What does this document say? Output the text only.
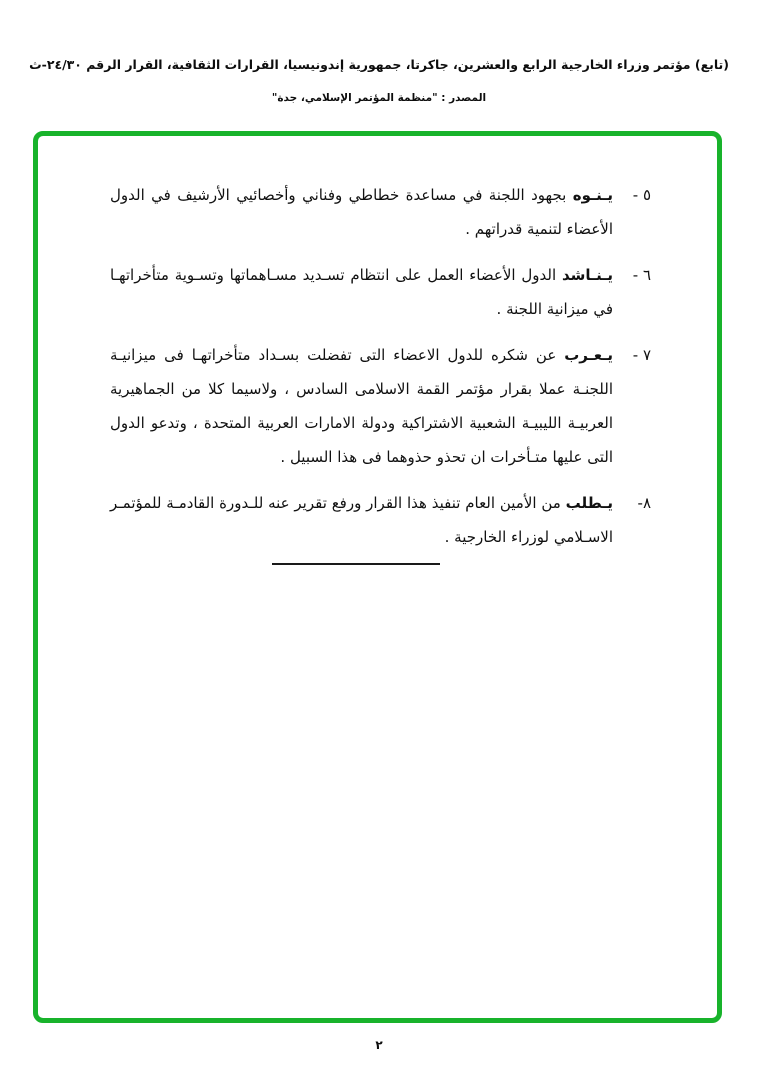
(تابع) مؤتمر وزراء الخارجية الرابع والعشرين، جاكرتا، جمهورية إندونيسيا، القرارات الثقافية، القرار الرقم ٢٤/٣٠-ث
المصدر : "منظمة المؤتمر الإسلامي، جدة"
٥ -

يـنـوه بجهود اللجنة في مساعدة خطاطي وفناني وأخصائيي الأرشيف في الدول الأعضاء لتنمية قدراتهم .

٦ -

يـنـاشد الدول الأعضاء العمل على انتظام تسـديد مسـاهماتها وتسـوية متأخراتهـا في ميزانية اللجنة .

٧ -

يـعـرب عن شكره للدول الاعضاء التى تفضلت بسـداد متأخراتهـا فى ميزانيـة اللجنـة عملا بقرار مؤتمر القمة الاسلامى السادس ، ولاسيما كلا من الجماهيرية العربيـة الليبيـة الشعبية الاشتراكية ودولة الامارات العربية المتحدة ، وتدعو الدول التى عليها متـأخرات ان تحذو حذوهما فى هذا السبيل .

٨-

يـطلب من الأمين العام تنفيذ هذا القرار ورفع تقرير عنه للـدورة القادمـة للمؤتمـر الاسـلامي لوزراء الخارجية .

٢
